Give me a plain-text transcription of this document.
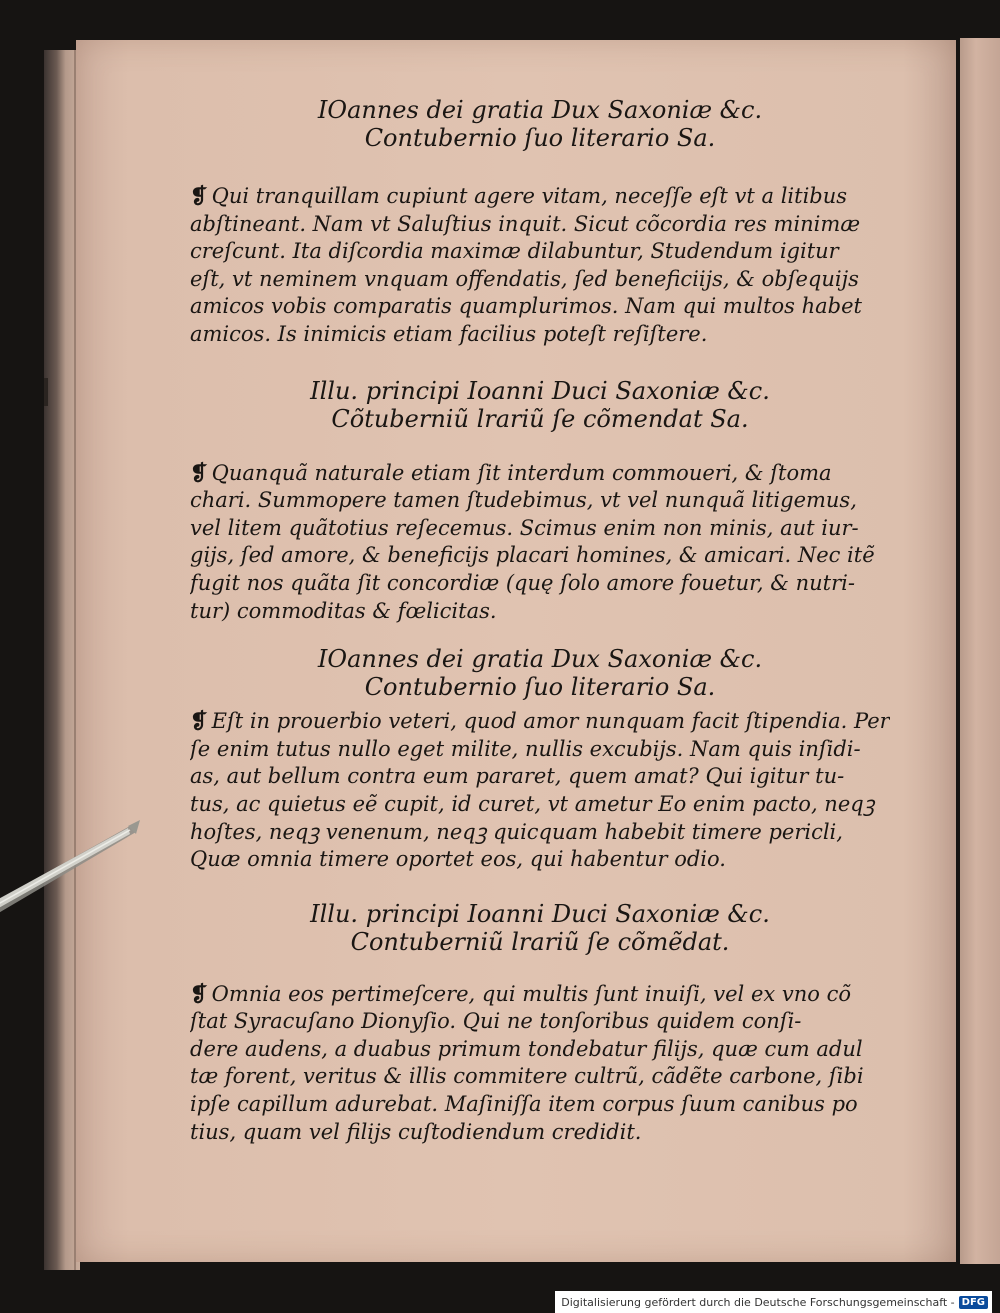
IOannes dei gratia Dux Saxoniæ &c.

Contubernio ſuo literario Sa.

❡ Qui tranquillam cupiunt agere vitam, neceſſe eſt vt a litibus
abſtineant. Nam vt Saluſtius inquit. Sicut cõcordia res minimæ
creſcunt. Ita diſcordia maximæ dilabuntur, Studendum igitur
eſt, vt neminem vnquam offendatis, ſed beneficiijs, & obſequijs
amicos vobis comparatis quamplurimos. Nam qui multos habet
amicos. Is inimicis etiam facilius poteſt reſiſtere.

Illu. principi Ioanni Duci Saxoniæ &c.

Cõtuberniũ lrariũ ſe cõmendat Sa.

❡ Quanquã naturale etiam ſit interdum commoueri, & ſtoma
chari. Summopere tamen ſtudebimus, vt vel nunquã litigemus,
vel litem quãtotius reſecemus. Scimus enim non minis, aut iur-
gijs, ſed amore, & beneficijs placari homines, & amicari. Nec itẽ
fugit nos quãta ſit concordiæ (quę ſolo amore fouetur, & nutri-
tur) commoditas & fœlicitas.

IOannes dei gratia Dux Saxoniæ &c.

Contubernio ſuo literario Sa.

❡ Eſt in prouerbio veteri, quod amor nunquam facit ſtipendia. Per
ſe enim tutus nullo eget milite, nullis excubijs. Nam quis inſidi-
as, aut bellum contra eum pararet, quem amat? Qui igitur tu-
tus, ac quietus eẽ cupit, id curet, vt ametur Eo enim pacto, neqꝫ
hoſtes, neqꝫ venenum, neqꝫ quicquam habebit timere pericli,
Quæ omnia timere oportet eos, qui habentur odio.

Illu. principi Ioanni Duci Saxoniæ &c.

Contuberniũ lrariũ ſe cõmẽdat.

❡ Omnia eos pertimeſcere, qui multis ſunt inuiſi, vel ex vno cõ
ſtat Syracuſano Dionyſio. Qui ne tonſoribus quidem conſi-
dere audens, a duabus primum tondebatur filijs, quæ cum adul
tæ forent, veritus & illis commitere cultrũ, cãdẽte carbone, ſibi
ipſe capillum adurebat. Maſiniſſa item corpus ſuum canibus po
tius, quam vel filijs cuſtodiendum credidit.
Digitalisierung gefördert durch die Deutsche Forschungsgemeinschaft - DFG
